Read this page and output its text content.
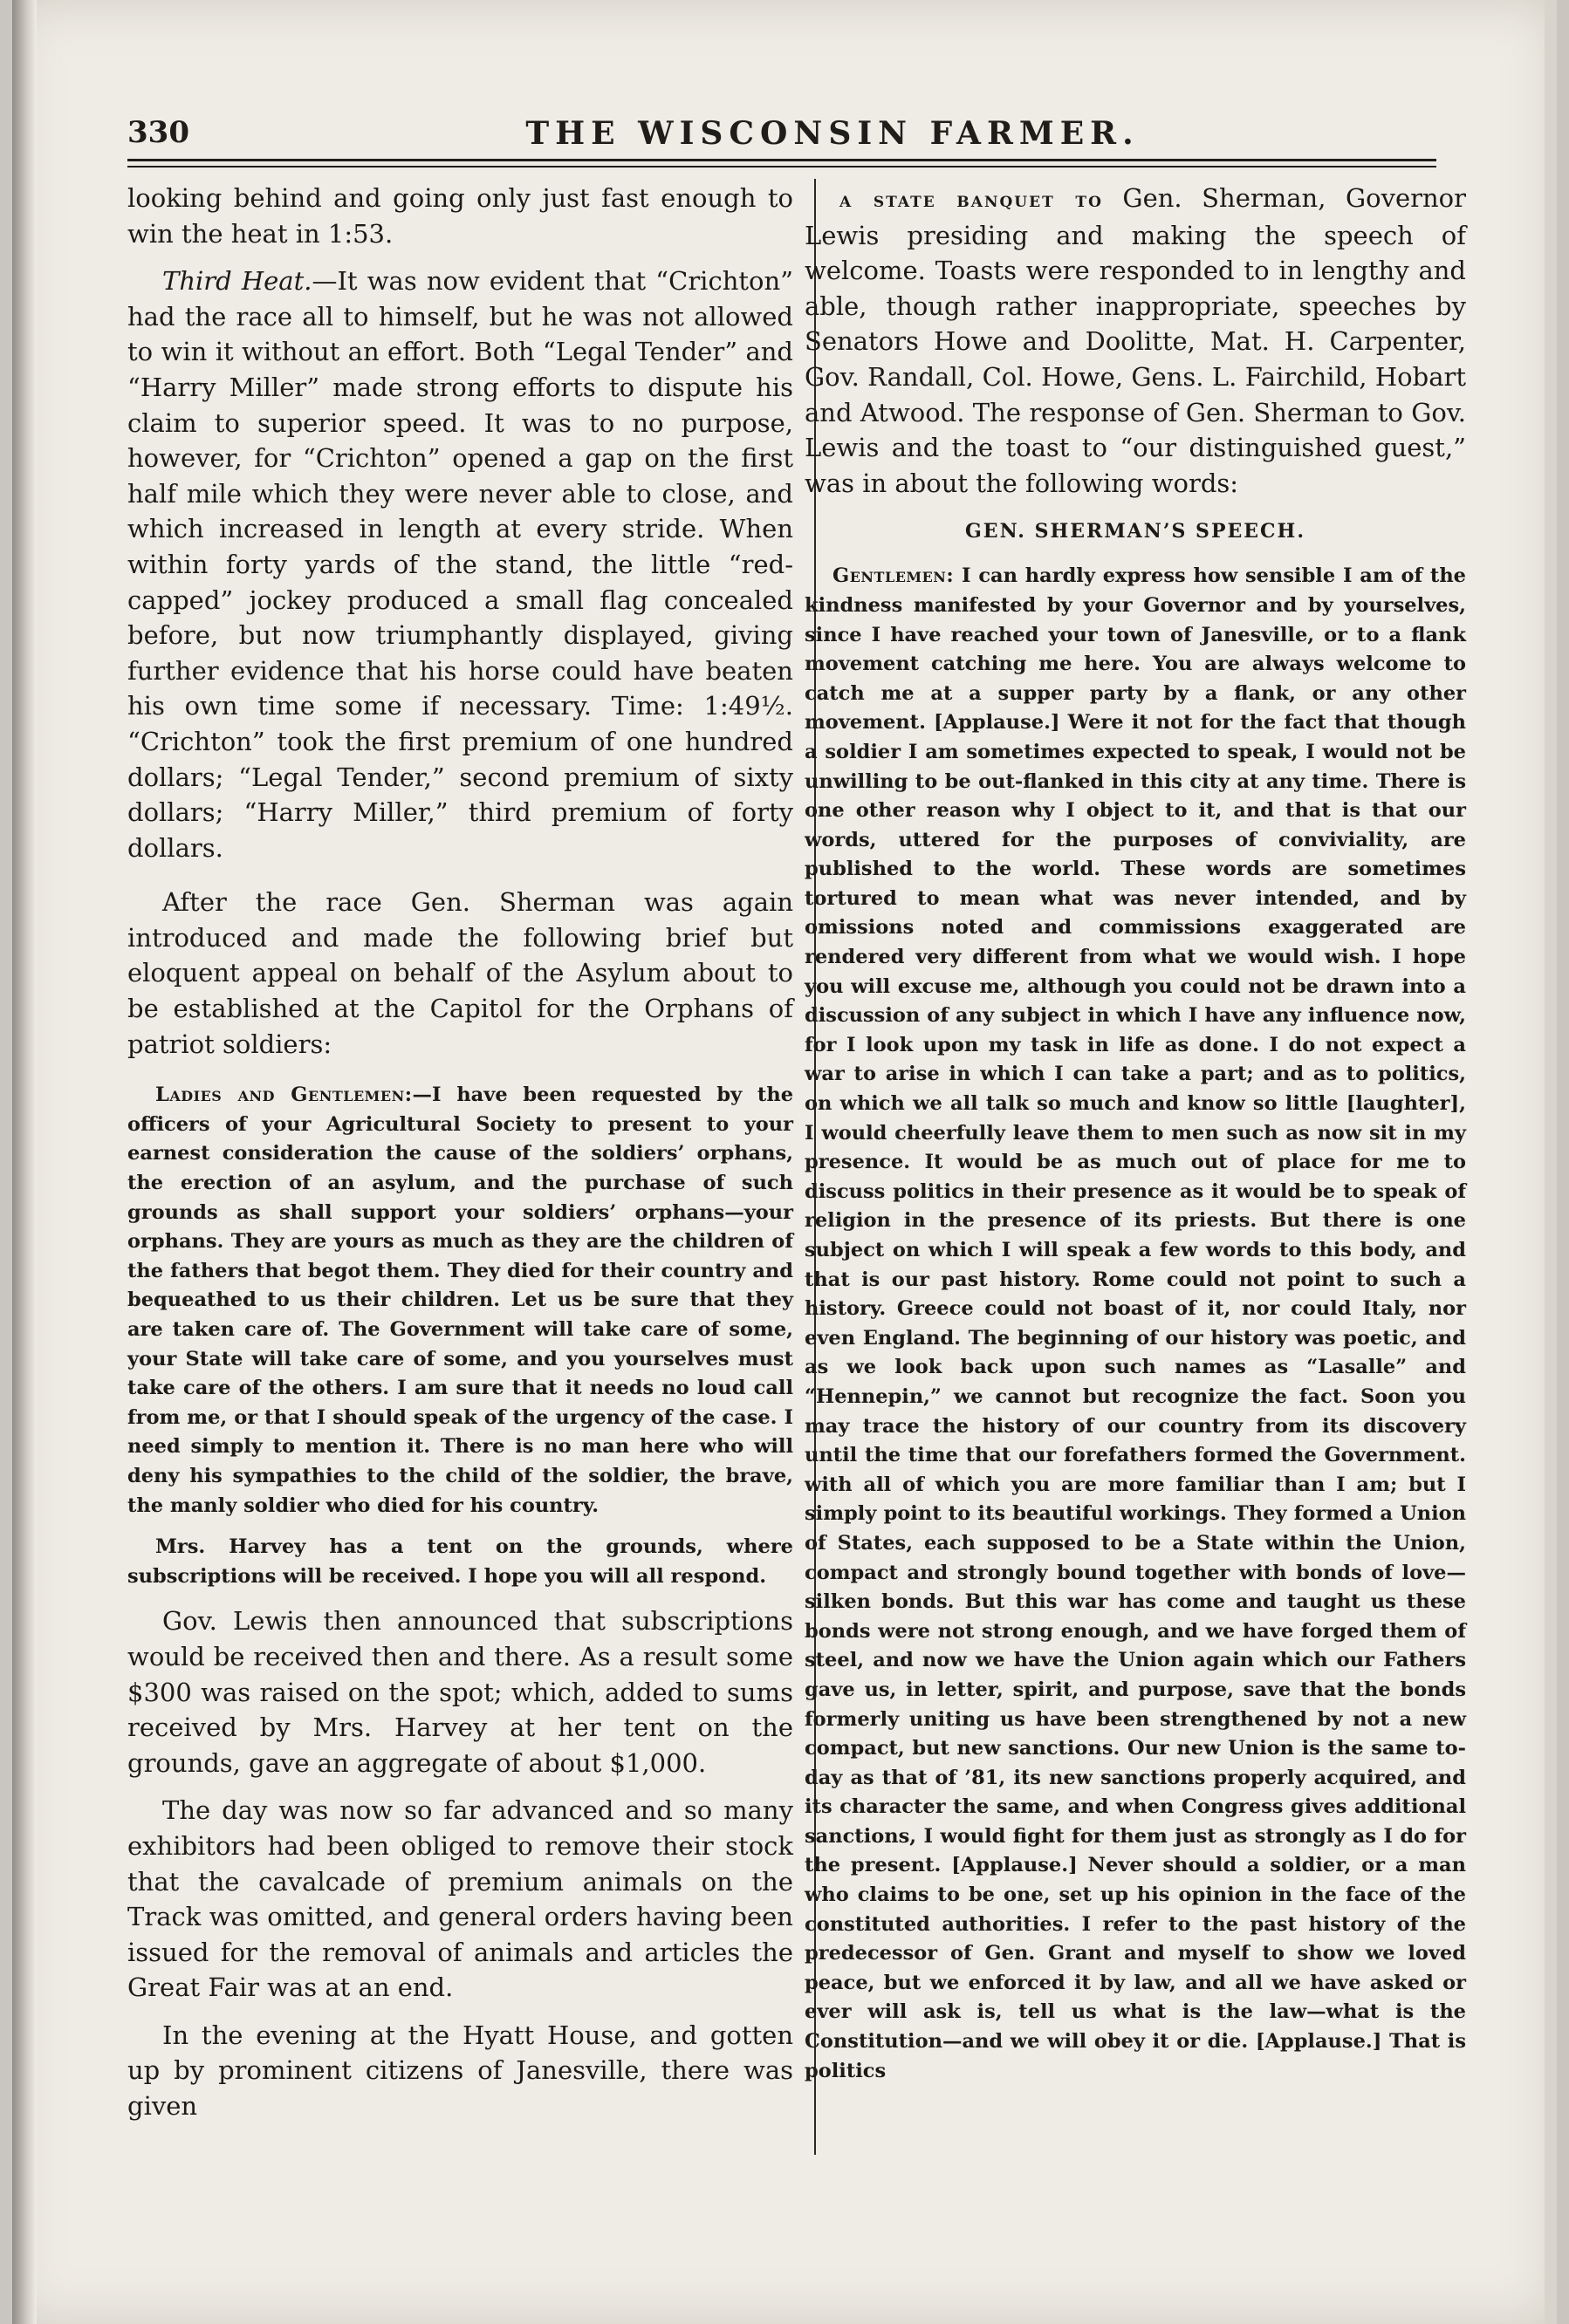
330	THE WISCONSIN FARMER.

looking behind and going only just fast enough to win the heat in 1:53.

Third Heat.—It was now evident that “Crichton” had the race all to himself, but he was not allowed to win it without an effort. Both “Legal Tender” and “Harry Miller” made strong efforts to dispute his claim to superior speed. It was to no purpose, however, for “Crichton” opened a gap on the first half mile which they were never able to close, and which increased in length at every stride. When within forty yards of the stand, the little “red-capped” jockey produced a small flag concealed before, but now triumphantly displayed, giving further evidence that his horse could have beaten his own time some if necessary. Time: 1:49½. “Crichton” took the first premium of one hundred dollars; “Legal Tender,” second premium of sixty dollars; “Harry Miller,” third premium of forty dollars.

After the race Gen. Sherman was again introduced and made the following brief but eloquent appeal on behalf of the Asylum about to be established at the Capitol for the Orphans of patriot soldiers:

Ladies and Gentlemen:—I have been requested by the officers of your Agricultural Society to present to your earnest consideration the cause of the soldiers’ orphans, the erection of an asylum, and the purchase of such grounds as shall support your soldiers’ orphans—your orphans. They are yours as much as they are the children of the fathers that begot them. They died for their country and bequeathed to us their children. Let us be sure that they are taken care of. The Government will take care of some, your State will take care of some, and you yourselves must take care of the others. I am sure that it needs no loud call from me, or that I should speak of the urgency of the case. I need simply to mention it. There is no man here who will deny his sympathies to the child of the soldier, the brave, the manly soldier who died for his country.

Mrs. Harvey has a tent on the grounds, where subscriptions will be received. I hope you will all respond.

Gov. Lewis then announced that subscriptions would be received then and there. As a result some $300 was raised on the spot; which, added to sums received by Mrs. Harvey at her tent on the grounds, gave an aggregate of about $1,000.

The day was now so far advanced and so many exhibitors had been obliged to remove their stock that the cavalcade of premium animals on the Track was omitted, and general orders having been issued for the removal of animals and articles the Great Fair was at an end.

In the evening at the Hyatt House, and gotten up by prominent citizens of Janesville, there was given

a state banquet to Gen. Sherman, Governor Lewis presiding and making the speech of welcome. Toasts were responded to in lengthy and able, though rather inappropriate, speeches by Senators Howe and Doolitte, Mat. H. Carpenter, Gov. Randall, Col. Howe, Gens. L. Fairchild, Hobart and Atwood. The response of Gen. Sherman to Gov. Lewis and the toast to “our distinguished guest,” was in about the following words:

GEN. SHERMAN’S SPEECH.

Gentlemen: I can hardly express how sensible I am of the kindness manifested by your Governor and by yourselves, since I have reached your town of Janesville, or to a flank movement catching me here. You are always welcome to catch me at a supper party by a flank, or any other movement. [Applause.] Were it not for the fact that though a soldier I am sometimes expected to speak, I would not be unwilling to be out-flanked in this city at any time. There is one other reason why I object to it, and that is that our words, uttered for the purposes of conviviality, are published to the world. These words are sometimes tortured to mean what was never intended, and by omissions noted and commissions exaggerated are rendered very different from what we would wish. I hope you will excuse me, although you could not be drawn into a discussion of any subject in which I have any influence now, for I look upon my task in life as done. I do not expect a war to arise in which I can take a part; and as to politics, on which we all talk so much and know so little [laughter], I would cheerfully leave them to men such as now sit in my presence. It would be as much out of place for me to discuss politics in their presence as it would be to speak of religion in the presence of its priests. But there is one subject on which I will speak a few words to this body, and that is our past history. Rome could not point to such a history. Greece could not boast of it, nor could Italy, nor even England. The beginning of our history was poetic, and as we look back upon such names as “Lasalle” and “Hennepin,” we cannot but recognize the fact. Soon you may trace the history of our country from its discovery until the time that our forefathers formed the Government. with all of which you are more familiar than I am; but I simply point to its beautiful workings. They formed a Union of States, each supposed to be a State within the Union, compact and strongly bound together with bonds of love—silken bonds. But this war has come and taught us these bonds were not strong enough, and we have forged them of steel, and now we have the Union again which our Fathers gave us, in letter, spirit, and purpose, save that the bonds formerly uniting us have been strengthened by not a new compact, but new sanctions. Our new Union is the same to-day as that of ’81, its new sanctions properly acquired, and its character the same, and when Congress gives additional sanctions, I would fight for them just as strongly as I do for the present. [Applause.] Never should a soldier, or a man who claims to be one, set up his opinion in the face of the constituted authorities. I refer to the past history of the predecessor of Gen. Grant and myself to show we loved peace, but we enforced it by law, and all we have asked or ever will ask is, tell us what is the law—what is the Constitution—and we will obey it or die. [Applause.] That is politics
